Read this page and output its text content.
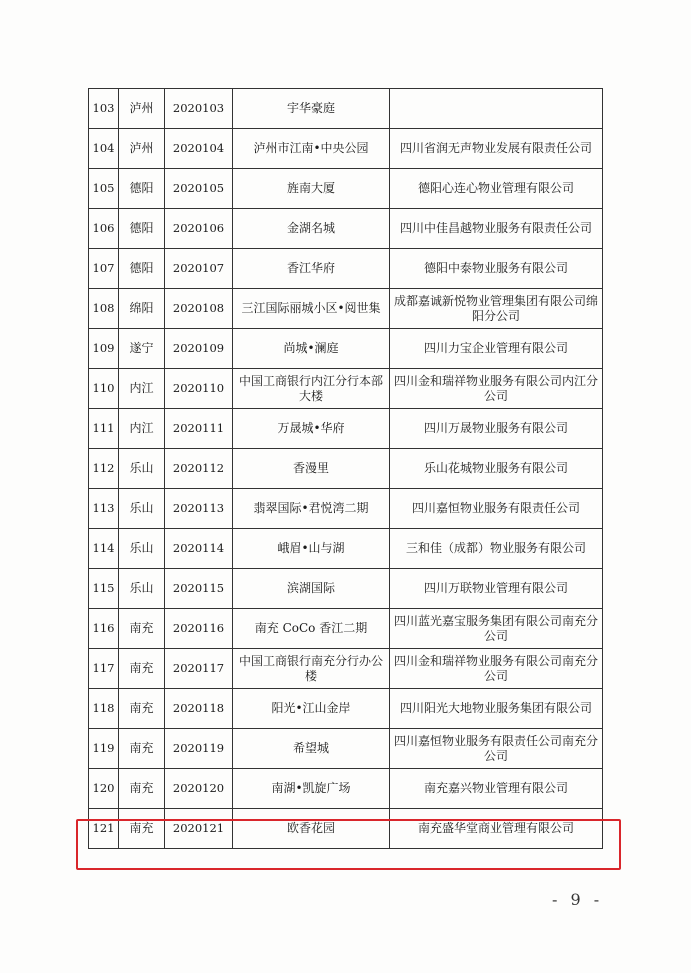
103	泸州	2020103	宇华豪庭	
104	泸州	2020104	泸州市江南•中央公园	四川省润无声物业发展有限责任公司
105	德阳	2020105	旌南大厦	德阳心连心物业管理有限公司
106	德阳	2020106	金湖名城	四川中佳昌越物业服务有限责任公司
107	德阳	2020107	香江华府	德阳中泰物业服务有限公司
108	绵阳	2020108	三江国际丽城小区•阅世集	成都嘉诚新悦物业管理集团有限公司绵阳分公司
109	遂宁	2020109	尚城•澜庭	四川力宝企业管理有限公司
110	内江	2020110	中国工商银行内江分行本部大楼	四川金和瑞祥物业服务有限公司内江分公司
111	内江	2020111	万晟城•华府	四川万晟物业服务有限公司
112	乐山	2020112	香漫里	乐山花城物业服务有限公司
113	乐山	2020113	翡翠国际•君悦湾二期	四川嘉恒物业服务有限责任公司
114	乐山	2020114	峨眉•山与湖	三和佳（成都）物业服务有限公司
115	乐山	2020115	滨湖国际	四川万联物业管理有限公司
116	南充	2020116	南充 CoCo 香江二期	四川蓝光嘉宝服务集团有限公司南充分公司
117	南充	2020117	中国工商银行南充分行办公楼	四川金和瑞祥物业服务有限公司南充分公司
118	南充	2020118	阳光•江山金岸	四川阳光大地物业服务集团有限公司
119	南充	2020119	希望城	四川嘉恒物业服务有限责任公司南充分公司
120	南充	2020120	南湖•凯旋广场	南充嘉兴物业管理有限公司
121	南充	2020121	欧香花园	南充盛华堂商业管理有限公司
- 9 -
